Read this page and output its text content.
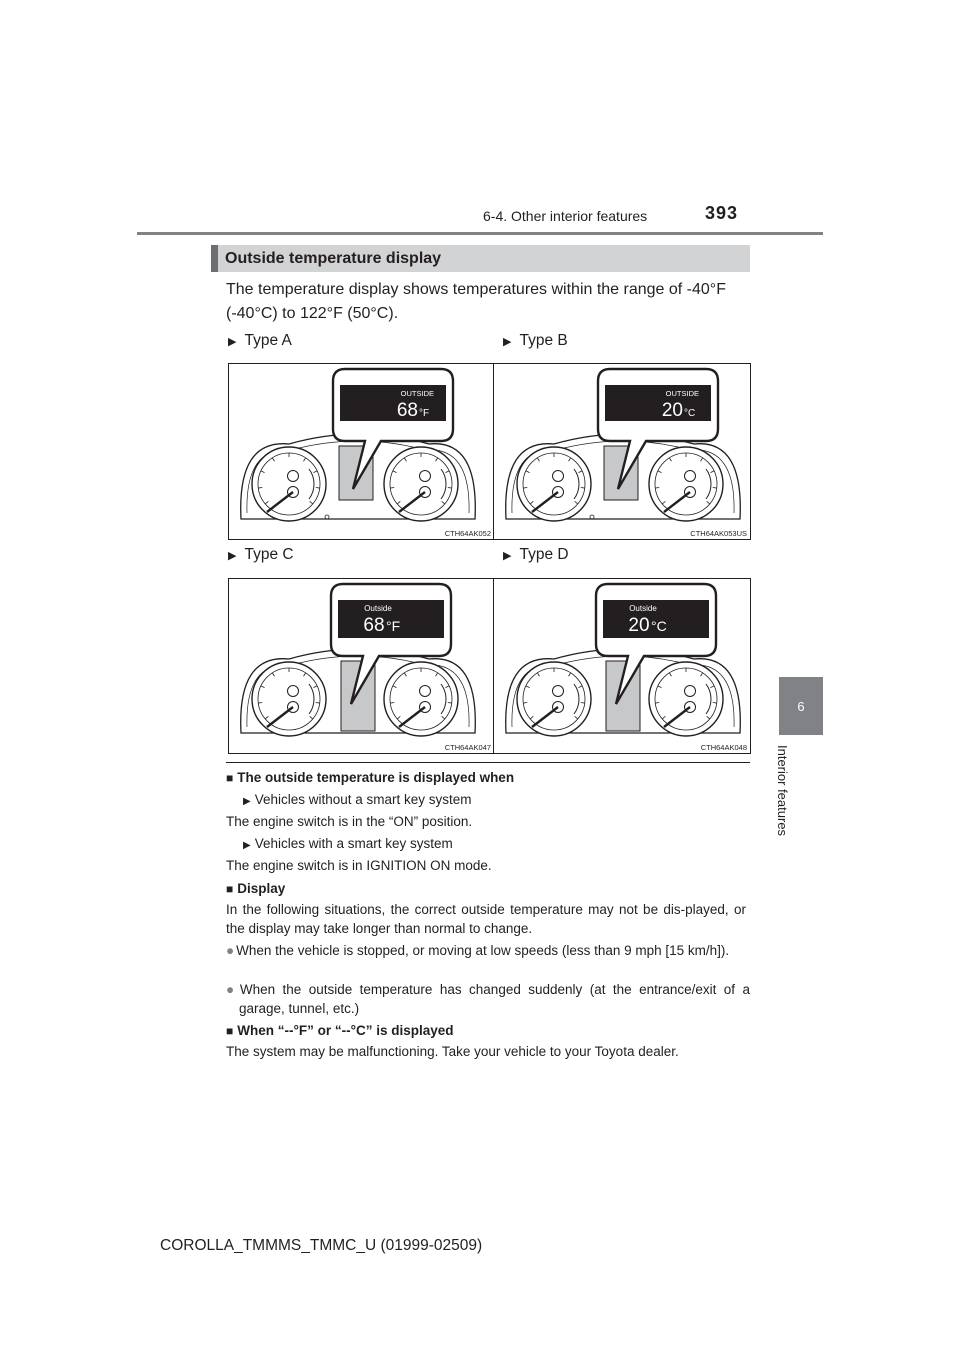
6-4. Other interior features	393
6
Interior features
Outside temperature display
The temperature display shows temperatures within the range of -40°F
(-40°C) to 122°F (50°C).
▶ Type A	▶ Type B
▶ Type C	▶ Type D
OUTSIDE
68 °F
CTH64AK052
OUTSIDE
20 °C
CTH64AK053US
Outside
68 °F
CTH64AK047
Outside
20 °C
CTH64AK048
■ The outside temperature is displayed when
▶ Vehicles without a smart key system
The engine switch is in the “ON” position.
▶ Vehicles with a smart key system
The engine switch is in IGNITION ON mode.
■ Display
In the following situations, the correct outside temperature may not be dis-played, or the display may take longer than normal to change.
● When the vehicle is stopped, or moving at low speeds (less than 9 mph [15 km/h]).
● When the outside temperature has changed suddenly (at the entrance/exit of a garage, tunnel, etc.)
■ When “--°F” or “--°C” is displayed
The system may be malfunctioning. Take your vehicle to your Toyota dealer.
COROLLA_TMMMS_TMMC_U (01999-02509)
